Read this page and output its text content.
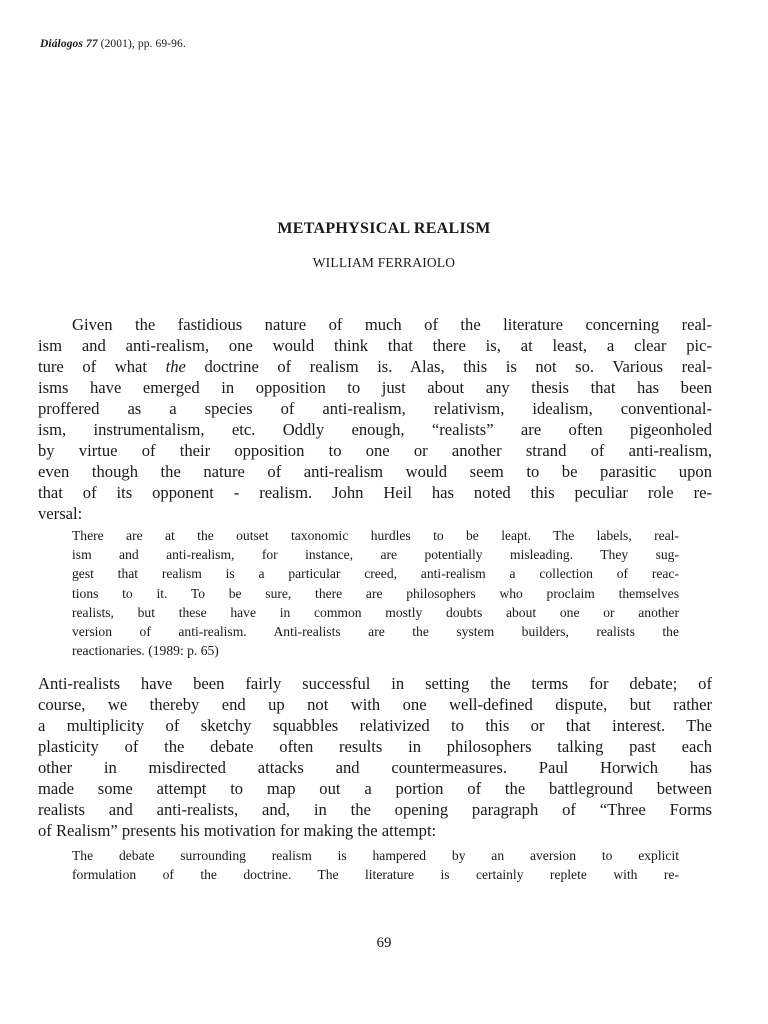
Diálogos 77 (2001), pp. 69-96.
METAPHYSICAL REALISM
WILLIAM FERRAIOLO
Given the fastidious nature of much of the literature concerning real-
ism and anti-realism, one would think that there is, at least, a clear pic-
ture of what the doctrine of realism is. Alas, this is not so. Various real-
isms have emerged in opposition to just about any thesis that has been
proffered as a species of anti-realism, relativism, idealism, conventional-
ism, instrumentalism, etc. Oddly enough, “realists” are often pigeonholed
by virtue of their opposition to one or another strand of anti-realism,
even though the nature of anti-realism would seem to be parasitic upon
that of its opponent - realism. John Heil has noted this peculiar role re-
versal:
There are at the outset taxonomic hurdles to be leapt. The labels, real-
ism and anti-realism, for instance, are potentially misleading. They sug-
gest that realism is a particular creed, anti-realism a collection of reac-
tions to it. To be sure, there are philosophers who proclaim themselves
realists, but these have in common mostly doubts about one or another
version of anti-realism. Anti-realists are the system builders, realists the
reactionaries. (1989: p. 65)
Anti-realists have been fairly successful in setting the terms for debate; of
course, we thereby end up not with one well-defined dispute, but rather
a multiplicity of sketchy squabbles relativized to this or that interest. The
plasticity of the debate often results in philosophers talking past each
other in misdirected attacks and countermeasures. Paul Horwich has
made some attempt to map out a portion of the battleground between
realists and anti-realists, and, in the opening paragraph of “Three Forms
of Realism” presents his motivation for making the attempt:
The debate surrounding realism is hampered by an aversion to explicit
formulation of the doctrine. The literature is certainly replete with re-
69
